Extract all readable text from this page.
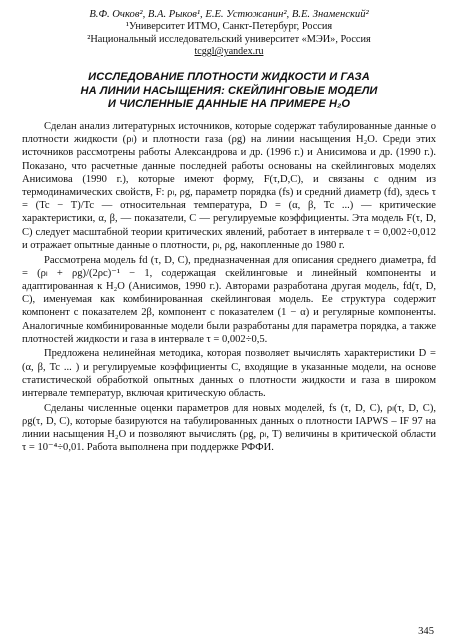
В.Ф. Очков², В.А. Рыков¹, Е.Е. Устюжанин², В.Е. Знаменский²
¹Университет ИТМО, Санкт-Петербург, Россия
²Национальный исследовательский университет «МЭИ», Россия
tcggl@yandex.ru
ИССЛЕДОВАНИЕ ПЛОТНОСТИ ЖИДКОСТИ И ГАЗА
НА ЛИНИИ НАСЫЩЕНИЯ: СКЕЙЛИНГОВЫЕ МОДЕЛИ
И ЧИСЛЕННЫЕ ДАННЫЕ НА ПРИМЕРЕ H₂O

Сделан анализ литературных источников, которые содержат табулированные данные о плотности жидкости (ρₗ) и плотности газа (ρg) на линии насыщения H₂O. Среди этих источников рассмотрены работы Александрова и др. (1996 г.) и Анисимова и др. (1990 г.). Показано, что расчетные данные последней работы основаны на скейлинговых моделях Анисимова (1990 г.), которые имеют форму, F(τ,D,C), и связаны с одним из термодинамических свойств, F: ρₗ, ρg, параметр порядка (fs) и средний диаметр (fd), здесь τ = (Tc − T)/Tc — относительная температура, D = (α, β, Tc ...) — критические характеристики, α, β, — показатели, C — регулируемые коэффициенты. Эта модель F(τ, D, C) следует масштабной теории критических явлений, работает в интервале τ = 0,002÷0,012 и отражает опытные данные о плотности, ρₗ, ρg, накопленные до 1980 г.

Рассмотрена модель fd (τ, D, C), предназначенная для описания среднего диаметра, fd = (ρₗ + ρg)/(2ρc)⁻¹ − 1, содержащая скейлинговые и линейный компоненты и адаптированная к H₂O (Анисимов, 1990 г.). Авторами разработана другая модель, fd(τ, D, C), именуемая как комбинированная скейлинговая модель. Ее структура содержит компонент с показателем 2β, компонент с показателем (1 − α) и регулярные компоненты. Аналогичные комбинированные модели были разработаны для параметра порядка, а также плотностей жидкости и газа в интервале τ = 0,002÷0,5.

Предложена нелинейная методика, которая позволяет вычислять характеристики D = (α, β, Tc ... ) и регулируемые коэффициенты C, входящие в указанные модели, на основе статистической обработкой опытных данных о плотности жидкости и газа в широком интервале температур, включая критическую область.

Сделаны численные оценки параметров для новых моделей, fs (τ, D, C), ρₗ(τ, D, C), ρg(τ, D, C), которые базируются на табулированных данных о плотности IAPWS – IF 97 на линии насыщения H₂O и позволяют вычислять (ρg, ρₗ, T) величины в критической области τ = 10⁻⁴÷0,01. Работа выполнена при поддержке РФФИ.

345
